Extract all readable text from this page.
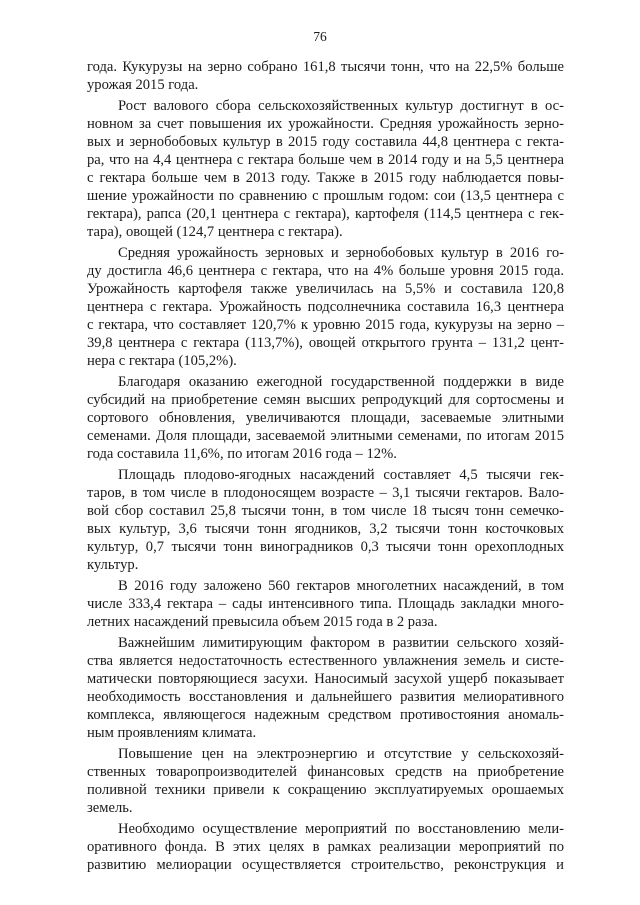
76
года. Кукурузы на зерно собрано 161,8 тысячи тонн, что на 22,5% больше
урожая 2015 года.
Рост валового сбора сельскохозяйственных культур достигнут в ос-
новном за счет повышения их урожайности. Средняя урожайность зерно-
вых и зернобобовых культур в 2015 году составила 44,8 центнера с гекта-
ра, что на 4,4 центнера с гектара больше чем в 2014 году и на 5,5 центнера
с гектара больше чем в 2013 году. Также в 2015 году наблюдается повы-
шение урожайности по сравнению с прошлым годом: сои (13,5 центнера с
гектара), рапса (20,1 центнера с гектара), картофеля (114,5 центнера с гек-
тара), овощей (124,7 центнера с гектара).
Средняя урожайность зерновых и зернобобовых культур в 2016 го-
ду достигла 46,6 центнера с гектара, что на 4% больше уровня 2015 года.
Урожайность картофеля также увеличилась на 5,5% и составила 120,8
центнера с гектара. Урожайность подсолнечника составила 16,3 центнера
с гектара, что составляет 120,7% к уровню 2015 года, кукурузы на зерно –
39,8 центнера с гектара (113,7%), овощей открытого грунта – 131,2 цент-
нера с гектара (105,2%).
Благодаря оказанию ежегодной государственной поддержки в виде
субсидий на приобретение семян высших репродукций для сортосмены и
сортового обновления, увеличиваются площади, засеваемые элитными
семенами. Доля площади, засеваемой элитными семенами, по итогам 2015
года составила 11,6%, по итогам 2016 года – 12%.
Площадь плодово-ягодных насаждений составляет 4,5 тысячи гек-
таров, в том числе в плодоносящем возрасте – 3,1 тысячи гектаров. Вало-
вой сбор составил 25,8 тысячи тонн, в том числе 18 тысяч тонн семечко-
вых культур, 3,6 тысячи тонн ягодников, 3,2 тысячи тонн косточковых
культур, 0,7 тысячи тонн виноградников 0,3 тысячи тонн орехоплодных
культур.
В 2016 году заложено 560 гектаров многолетних насаждений, в том
числе 333,4 гектара – сады интенсивного типа. Площадь закладки много-
летних насаждений превысила объем 2015 года в 2 раза.
Важнейшим лимитирующим фактором в развитии сельского хозяй-
ства является недостаточность естественного увлажнения земель и систе-
матически повторяющиеся засухи. Наносимый засухой ущерб показывает
необходимость восстановления и дальнейшего развития мелиоративного
комплекса, являющегося надежным средством противостояния аномаль-
ным проявлениям климата.
Повышение цен на электроэнергию и отсутствие у сельскохозяй-
ственных товаропроизводителей финансовых средств на приобретение
поливной техники привели к сокращению эксплуатируемых орошаемых
земель.
Необходимо осуществление мероприятий по восстановлению мели-
оративного фонда. В этих целях в рамках реализации мероприятий по
развитию мелиорации осуществляется строительство, реконструкция и
